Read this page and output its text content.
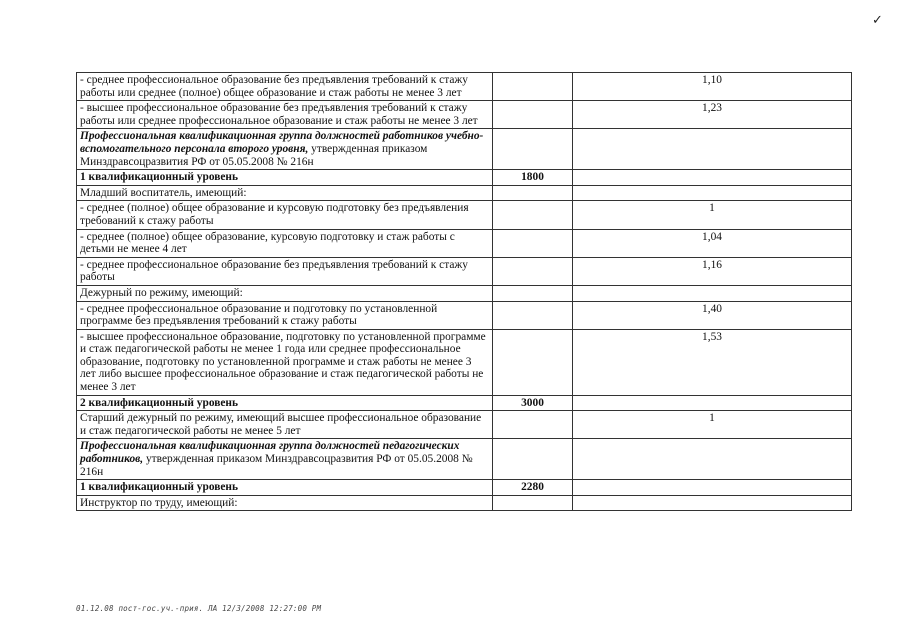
✓
- среднее профессиональное образование без предъявления требований к стажу работы или среднее (полное) общее образование и стаж работы не менее 3 лет		1,10
- высшее профессиональное образование без предъявления требований к стажу работы или среднее профессиональное образование и стаж работы не менее 3 лет		1,23
Профессиональная квалификационная группа должностей работников учебно-вспомогательного персонала второго уровня, утвержденная приказом Минздравсоцразвития РФ от 05.05.2008 № 216н		
1 квалификационный уровень	1800	
Младший воспитатель, имеющий:		
- среднее (полное) общее образование и курсовую подготовку без предъявления требований к стажу работы		1
- среднее (полное) общее образование, курсовую подготовку и стаж работы с детьми не менее 4 лет		1,04
- среднее профессиональное образование без предъявления требований к стажу работы		1,16
Дежурный по режиму, имеющий:		
- среднее профессиональное образование и подготовку по установленной программе без предъявления требований к стажу работы		1,40
- высшее профессиональное образование, подготовку по установленной программе и стаж педагогической работы не менее 1 года или среднее профессиональное образование, подготовку по установленной программе и стаж работы не менее 3 лет либо высшее профессиональное образование и стаж педагогической работы не менее 3 лет		1,53
2 квалификационный уровень	3000	
Старший дежурный по режиму, имеющий высшее профессиональное образование и стаж педагогической работы не менее 5 лет		1
Профессиональная квалификационная группа должностей педагогических работников, утвержденная приказом Минздравсоцразвития РФ от 05.05.2008 № 216н		
1 квалификационный уровень	2280	
Инструктор по труду, имеющий:		
01.12.08 пост-гос.уч.-прия. ЛА 12/3/2008 12:27:00 PM
